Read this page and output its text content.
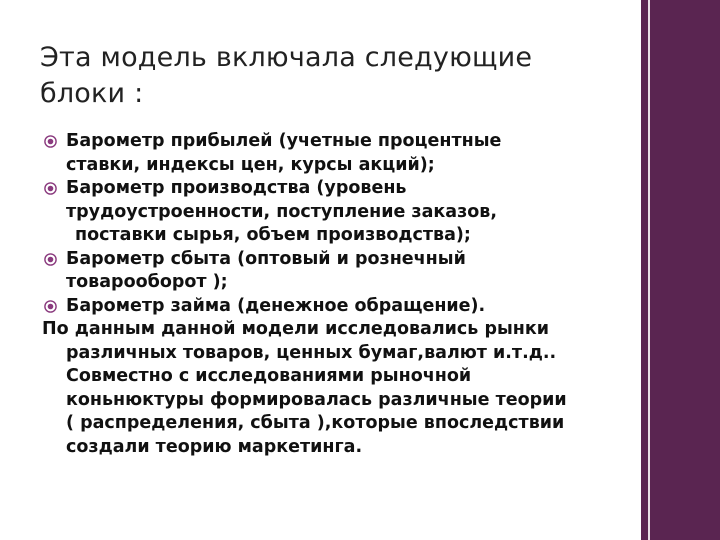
Эта модель включала следующие
блоки :
Барометр прибылей (учетные процентные
ставки, индексы цен, курсы акций);
Барометр производства (уровень
трудоустроенности, поступление заказов,
поставки сырья, объем производства);
Барометр сбыта (оптовый и рознечный
товарооборот );
Барометр займа (денежное обращение).
По данным данной модели исследовались рынки
различных товаров, ценных бумаг,валют и.т.д..
Совместно с исследованиями рыночной
коньнюктуры формировалась различные теории
( распределения, сбыта ),которые впоследствии
создали теорию маркетинга.
